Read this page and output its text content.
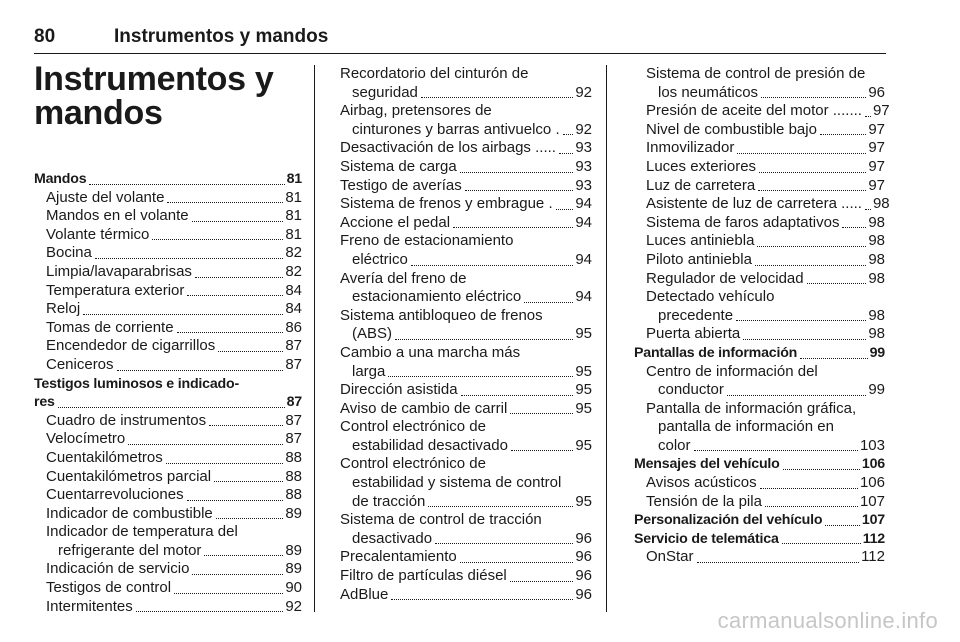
80	Instrumentos y mandos
Instrumentos y
mandos
Mandos	81
Ajuste del volante	81
Mandos en el volante	81
Volante térmico	81
Bocina	82
Limpia/lavaparabrisas	82
Temperatura exterior	84
Reloj	84
Tomas de corriente	86
Encendedor de cigarrillos	87
Ceniceros	87
Testigos luminosos e indicado-
res	87
Cuadro de instrumentos	87
Velocímetro	87
Cuentakilómetros	88
Cuentakilómetros parcial	88
Cuentarrevoluciones	88
Indicador de combustible	89
Indicador de temperatura del
refrigerante del motor	89
Indicación de servicio	89
Testigos de control	90
Intermitentes	92
Recordatorio del cinturón de
seguridad	92
Airbag, pretensores de
cinturones y barras antivuelco . 92
Desactivación de los airbags ..... 93
Sistema de carga	93
Testigo de averías	93
Sistema de frenos y embrague . 94
Accione el pedal	94
Freno de estacionamiento
eléctrico	94
Avería del freno de
estacionamiento eléctrico	94
Sistema antibloqueo de frenos
(ABS)	95
Cambio a una marcha más
larga	95
Dirección asistida	95
Aviso de cambio de carril	95
Control electrónico de
estabilidad desactivado	95
Control electrónico de
estabilidad y sistema de control
de tracción	95
Sistema de control de tracción
desactivado	96
Precalentamiento	96
Filtro de partículas diésel	96
AdBlue	96
Sistema de control de presión de
los neumáticos	96
Presión de aceite del motor ....... 97
Nivel de combustible bajo	97
Inmovilizador	97
Luces exteriores	97
Luz de carretera	97
Asistente de luz de carretera ..... 98
Sistema de faros adaptativos 98
Luces antiniebla	98
Piloto antiniebla	98
Regulador de velocidad	98
Detectado vehículo
precedente	98
Puerta abierta	98
Pantallas de información	99
Centro de información del
conductor	99
Pantalla de información gráfica,
pantalla de información en
color	103
Mensajes del vehículo	106
Avisos acústicos	106
Tensión de la pila	107
Personalización del vehículo	107
Servicio de telemática	112
OnStar	112
carmanualsonline.info
